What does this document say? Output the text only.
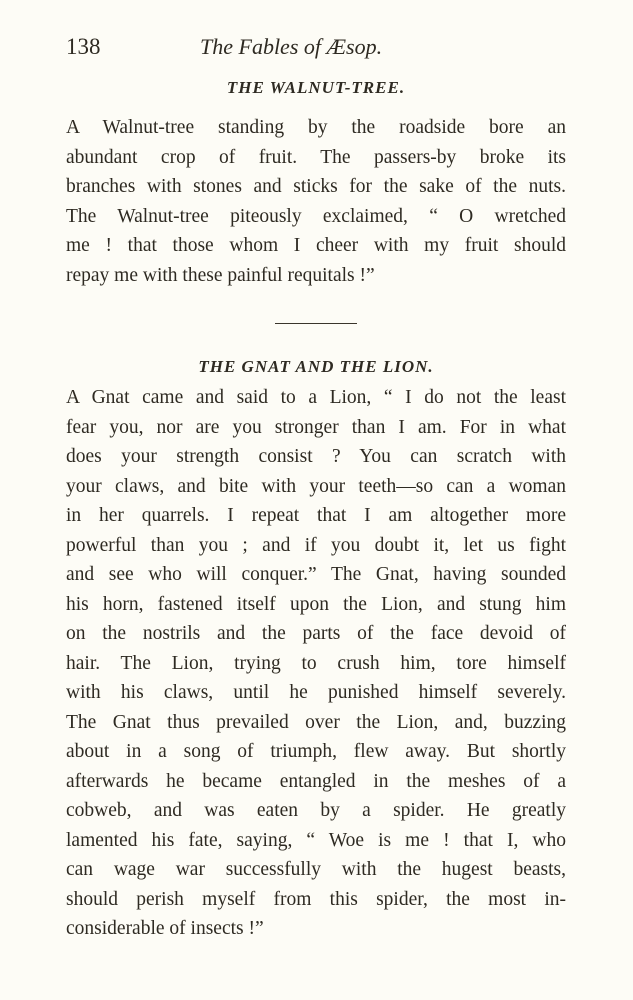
138	The Fables of Æsop.
THE WALNUT-TREE.
A Walnut-tree standing by the roadside bore an
abundant crop of fruit. The passers-by broke its
branches with stones and sticks for the sake of the nuts.
The Walnut-tree piteously exclaimed, “ O wretched
me ! that those whom I cheer with my fruit should
repay me with these painful requitals !”
THE GNAT AND THE LION.
A Gnat came and said to a Lion, “ I do not the least
fear you, nor are you stronger than I am. For in what
does your strength consist ? You can scratch with
your claws, and bite with your teeth—so can a woman
in her quarrels. I repeat that I am altogether more
powerful than you ; and if you doubt it, let us fight
and see who will conquer.” The Gnat, having sounded
his horn, fastened itself upon the Lion, and stung him
on the nostrils and the parts of the face devoid of
hair. The Lion, trying to crush him, tore himself
with his claws, until he punished himself severely.
The Gnat thus prevailed over the Lion, and, buzzing
about in a song of triumph, flew away. But shortly
afterwards he became entangled in the meshes of a
cobweb, and was eaten by a spider. He greatly
lamented his fate, saying, “ Woe is me ! that I, who
can wage war successfully with the hugest beasts,
should perish myself from this spider, the most in-
considerable of insects !”
